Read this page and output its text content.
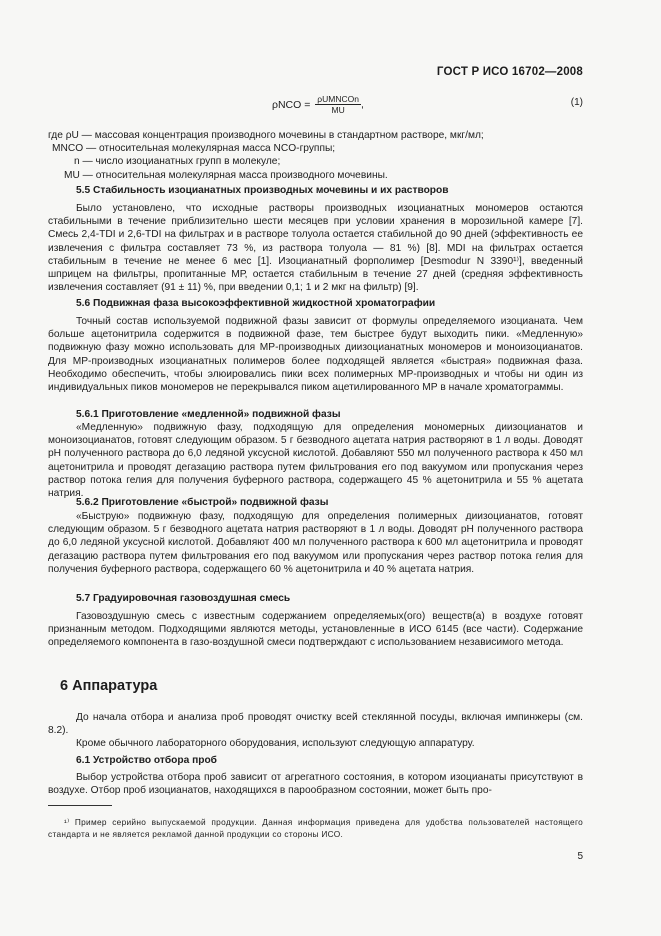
ГОСТ Р ИСО 16702—2008
$\rho NCO = \frac{\text{ρUMNCOn}}{MU}$ ,	(1)
где ρU — массовая концентрация производного мочевины в стандартном растворе, мкг/мл;
MNCO — относительная молекулярная масса NCO-группы;
n — число изоцианатных групп в молекуле;
MU — относительная молекулярная масса производного мочевины.
5.5 Стабильность изоцианатных производных мочевины и их растворов

Было установлено, что исходные растворы производных изоцианатных мономеров остаются стабильными в течение приблизительно шести месяцев при условии хранения в морозильной камере [7]. Смесь 2,4-TDI и 2,6-TDI на фильтрах и в растворе толуола остается стабильной до 90 дней (эффективность ее извлечения с фильтра составляет 73 %, из раствора толуола — 81 %) [8]. MDI на фильтрах остается стабильным в течение не менее 6 мес [1]. Изоцианатный форполимер [Desmodur N 3390¹⁾], введенный шприцем на фильтры, пропитанные МР, остается стабильным в течение 27 дней (средняя эффективность извлечения составляет (91 ± 11) %, при введении 0,1; 1 и 2 мкг на фильтр) [9].

5.6 Подвижная фаза высокоэффективной жидкостной хроматографии

Точный состав используемой подвижной фазы зависит от формулы определяемого изоцианата. Чем больше ацетонитрила содержится в подвижной фазе, тем быстрее будут выходить пики. «Медленную» подвижную фазу можно использовать для МР-производных диизоцианатных мономеров и моноизоцианатов. Для МР-производных изоцианатных полимеров более подходящей является «быстрая» подвижная фаза. Необходимо обеспечить, чтобы элюировались пики всех полимерных МР-производных и чтобы ни один из индивидуальных пиков мономеров не перекрывался пиком ацетилированного МР в начале хроматограммы.

5.6.1 Приготовление «медленной» подвижной фазы

«Медленную» подвижную фазу, подходящую для определения мономерных диизоцианатов и моноизоцианатов, готовят следующим образом. 5 г безводного ацетата натрия растворяют в 1 л воды. Доводят pH полученного раствора до 6,0 ледяной уксусной кислотой. Добавляют 550 мл полученного раствора к 450 мл ацетонитрила и проводят дегазацию раствора путем фильтрования его под вакуумом или пропускания через раствор потока гелия для получения буферного раствора, содержащего 45 % ацетонитрила и 55 % ацетата натрия.

5.6.2 Приготовление «быстрой» подвижной фазы

«Быструю» подвижную фазу, подходящую для определения полимерных диизоцианатов, готовят следующим образом. 5 г безводного ацетата натрия растворяют в 1 л воды. Доводят pH полученного раствора до 6,0 ледяной уксусной кислотой. Добавляют 400 мл полученного раствора к 600 мл ацетонитрила и проводят дегазацию раствора путем фильтрования его под вакуумом или пропускания через раствор потока гелия для получения буферного раствора, содержащего 60 % ацетонитрила и 40 % ацетата натрия.

5.7 Градуировочная газовоздушная смесь

Газовоздушную смесь с известным содержанием определяемых(ого) веществ(а) в воздухе готовят признанным методом. Подходящими являются методы, установленные в ИСО 6145 (все части). Содержание определяемого компонента в газо-воздушной смеси подтверждают с использованием независимого метода.

6 Аппаратура

До начала отбора и анализа проб проводят очистку всей стеклянной посуды, включая импинжеры (см. 8.2).

Кроме обычного лабораторного оборудования, используют следующую аппаратуру.

6.1 Устройство отбора проб

Выбор устройства отбора проб зависит от агрегатного состояния, в котором изоцианаты присутствуют в воздухе. Отбор проб изоцианатов, находящихся в парообразном состоянии, может быть про-

¹⁾ Пример серийно выпускаемой продукции. Данная информация приведена для удобства пользователей настоящего стандарта и не является рекламой данной продукции со стороны ИСО.
5
